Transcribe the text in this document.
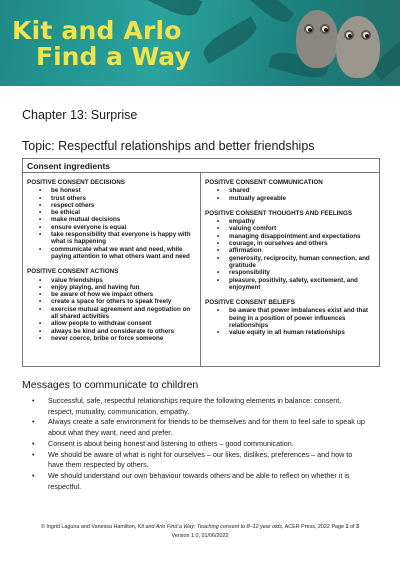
Kit and Arlo
Find a Way
Chapter 13: Surprise
Topic: Respectful relationships and better friendships
Consent ingredients
POSITIVE CONSENT DECISIONS
• be honest
• trust others
• respect others
• be ethical
• make mutual decisions
• ensure everyone is equal
• take responsibility that everyone is happy with what is happening
• communicate what we want and need, while paying attention to what others want and need
POSITIVE CONSENT ACTIONS
• value friendships
• enjoy playing, and having fun
• be aware of how we impact others
• create a space for others to speak freely
• exercise mutual agreement and negotiation on all shared activities
• allow people to withdraw consent
• always be kind and considerate to others
• never coerce, bribe or force someone
POSITIVE CONSENT COMMUNICATION
• shared
• mutually agreeable
POSITIVE CONSENT THOUGHTS AND FEELINGS
• empathy
• valuing comfort
• managing disappointment and expectations
• courage, in ourselves and others
• affirmation
• generosity, reciprocity, human connection, and gratitude
• responsibility
• pleasure, positivity, safety, excitement, and enjoyment
POSITIVE CONSENT BELIEFS
• be aware that power imbalances exist and that being in a position of power influences relationships
• value equity in all human relationships
Messages to communicate to children
• Successful, safe, respectful relationships require the following elements in balance: consent, respect, mutuality, communication, empathy.
• Always create a safe environment for friends to be themselves and for them to feel safe to speak up about what they want, need and prefer.
• Consent is about being honest and listening to others – good communication.
• We should be aware of what is right for ourselves – our likes, dislikes, preferences – and how to have them respected by others.
• We should understand our own behaviour towards others and be able to reflect on whether it is respectful.
© Ingrid Laguna and Vanessa Hamilton, Kit and Arlo Find a Way: Teaching consent to 8–12 year olds, ACER Press, 2022 Page 1 of 3
Version 1.0, 01/06/2022
